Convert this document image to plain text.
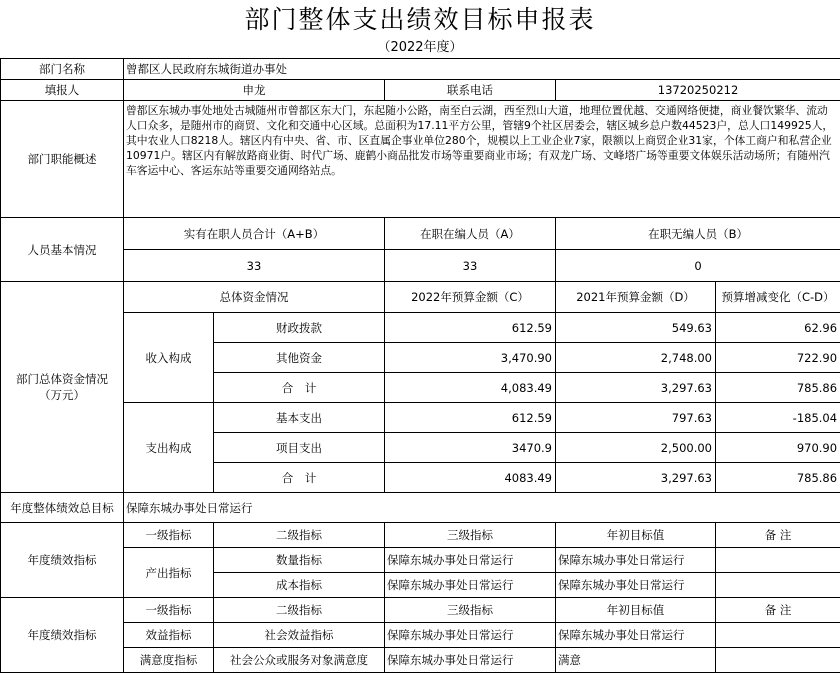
部门整体支出绩效目标申报表
（2022年度）
部门名称	曾都区人民政府东城街道办事处				
填报人	申龙		联系电话	13720250212	
部门职能概述	曾都区东城办事处地处古城随州市曾都区东大门，东起随小公路，南至白云湖，西至烈山大道，地理位置优越、交通网络便捷，商业餐饮繁华、流动人口众多，是随州市的商贸、文化和交通中心区域。总面积为17.11平方公里，管辖9个社区居委会，辖区城乡总户数44523户，总人口149925人，其中农业人口8218人。辖区内有中央、省、市、区直属企事业单位280个，规模以上工业企业7家，限额以上商贸企业31家，个体工商户和私营企业10971户。辖区内有解放路商业街、时代广场、鹿鹤小商品批发市场等重要商业市场；有双龙广场、文峰塔广场等重要文体娱乐活动场所；有随州汽车客运中心、客运东站等重要交通网络站点。				
人员基本情况	实有在职人员合计（A+B）		在职在编人员（A）	在职无编人员（B）	
	33		33	0	

部门总体资金情况
（万元）	总体资金情况		2022年预算金额（C）	2021年预算金额（D）	预算增减变化（C-D）
	收入构成	财政拨款	612.59	549.63	62.96
		其他资金	3,470.90	2,748.00	722.90
		合　计	4,083.49	3,297.63	785.86
	支出构成	基本支出	612.59	797.63	-185.04
		项目支出	3470.9	2,500.00	970.90
		合　计	4083.49	3,297.63	785.86
年度整体绩效总目标	保障东城办事处日常运行				
年度绩效指标	一级指标	二级指标	三级指标	年初目标值	备 注
	产出指标	数量指标	保障东城办事处日常运行	保障东城办事处日常运行	
		成本指标	保障东城办事处日常运行	保障东城办事处日常运行	
年度绩效指标	一级指标	二级指标	三级指标	年初目标值	备 注
	效益指标	社会效益指标	保障东城办事处日常运行	保障东城办事处日常运行	
	满意度指标	社会公众或服务对象满意度	保障东城办事处日常运行	满意	
